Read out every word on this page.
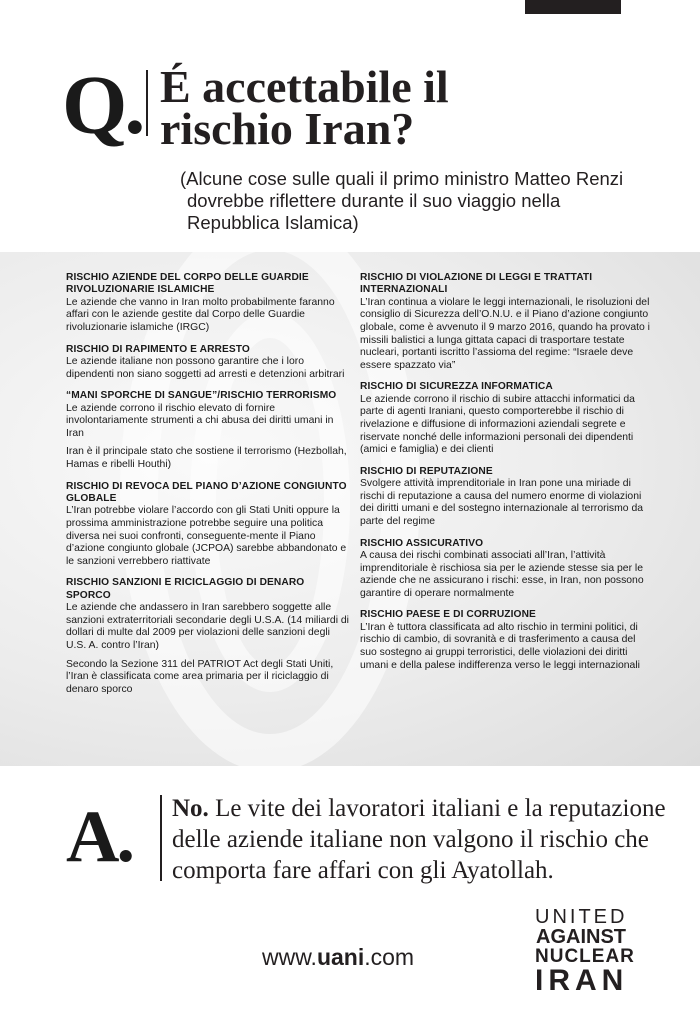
Q. É accettabile il
rischio Iran?
(Alcune cose sulle quali il primo ministro Matteo Renzi
dovrebbe riflettere durante il suo viaggio nella
Repubblica Islamica)
RISCHIO AZIENDE DEL CORPO DELLE GUARDIE RIVOLUZIONARIE ISLAMICHE

Le aziende che vanno in Iran molto probabilmente faranno affari con le aziende gestite dal Corpo delle Guardie rivoluzionarie islamiche (IRGC)

RISCHIO DI RAPIMENTO E ARRESTO

Le aziende italiane non possono garantire che i loro dipendenti non siano soggetti ad arresti e detenzioni arbitrari

“MANI SPORCHE DI SANGUE”/RISCHIO TERRORISMO

Le aziende corrono il rischio elevato di fornire involontariamente strumenti a chi abusa dei diritti umani in Iran

Iran è il principale stato che sostiene il terrorismo (Hezbollah, Hamas e ribelli Houthi)

RISCHIO DI REVOCA DEL PIANO D’AZIONE CONGIUNTO GLOBALE

L’Iran potrebbe violare l’accordo con gli Stati Uniti oppure la prossima amministrazione potrebbe seguire una politica diversa nei suoi confronti, conseguente-mente il Piano d’azione congiunto globale (JCPOA) sarebbe abbandonato e le sanzioni verrebbero riattivate

RISCHIO SANZIONI E RICICLAGGIO DI DENARO SPORCO

Le aziende che andassero in Iran sarebbero soggette alle sanzioni extraterritoriali secondarie degli U.S.A. (14 miliardi di dollari di multe dal 2009 per violazioni delle sanzioni degli U.S. A. contro l’Iran)

Secondo la Sezione 311 del PATRIOT Act degli Stati Uniti, l’Iran è classificata come area primaria per il riciclaggio di denaro sporco

RISCHIO DI VIOLAZIONE DI LEGGI E TRATTATI INTERNAZIONALI

L’Iran continua a violare le leggi internazionali, le risoluzioni del consiglio di Sicurezza dell’O.N.U. e il Piano d’azione congiunto globale, come è avvenuto il 9 marzo 2016, quando ha provato i missili balistici a lunga gittata capaci di trasportare testate nucleari, portanti iscritto l’assioma del regime: “Israele deve essere spazzato via”

RISCHIO DI SICUREZZA INFORMATICA

Le aziende corrono il rischio di subire attacchi informatici da parte di agenti Iraniani, questo comporterebbe il rischio di rivelazione e diffusione di informazioni aziendali segrete e riservate nonché delle informazioni personali dei dipendenti (amici e famiglia) e dei clienti

RISCHIO DI REPUTAZIONE

Svolgere attività imprenditoriale in Iran pone una miriade di rischi di reputazione a causa del numero enorme di violazioni dei diritti umani e del sostegno internazionale al terrorismo da parte del regime

RISCHIO ASSICURATIVO

A causa dei rischi combinati associati all’Iran, l’attività imprenditoriale è rischiosa sia per le aziende stesse sia per le aziende che ne assicurano i rischi: esse, in Iran, non possono garantire di operare normalmente

RISCHIO PAESE E DI CORRUZIONE

L’Iran è tuttora classificata ad alto rischio in termini politici, di rischio di cambio, di sovranità e di trasferimento a causa del suo sostegno ai gruppi terroristici, delle violazioni dei diritti umani e della palese indifferenza verso le leggi internazionali

A. No. Le vite dei lavoratori italiani e la reputazione delle aziende italiane non valgono il rischio che comporta fare affari con gli Ayatollah.
www.uani.com
UNITED
AGAINST
NUCLEAR
IRAN
